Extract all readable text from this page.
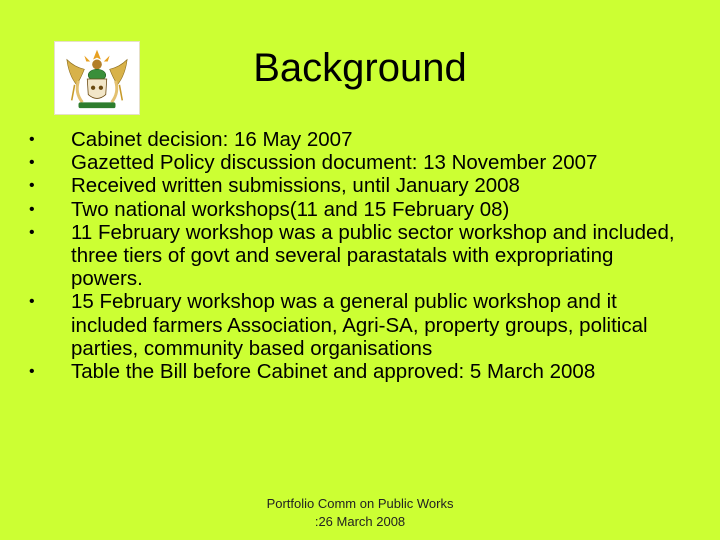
Background
• Cabinet decision: 16 May 2007
• Gazetted Policy discussion document: 13 November 2007
• Received written submissions, until January 2008
• Two national workshops(11 and 15 February 08)
• 11 February workshop was a public sector workshop and included, three tiers of govt and several parastatals with expropriating powers.
• 15 February workshop was a general public workshop and it included farmers Association, Agri-SA, property groups, political parties, community based organisations
• Table the Bill before Cabinet and approved: 5 March 2008
Portfolio Comm on Public Works
:26 March 2008
